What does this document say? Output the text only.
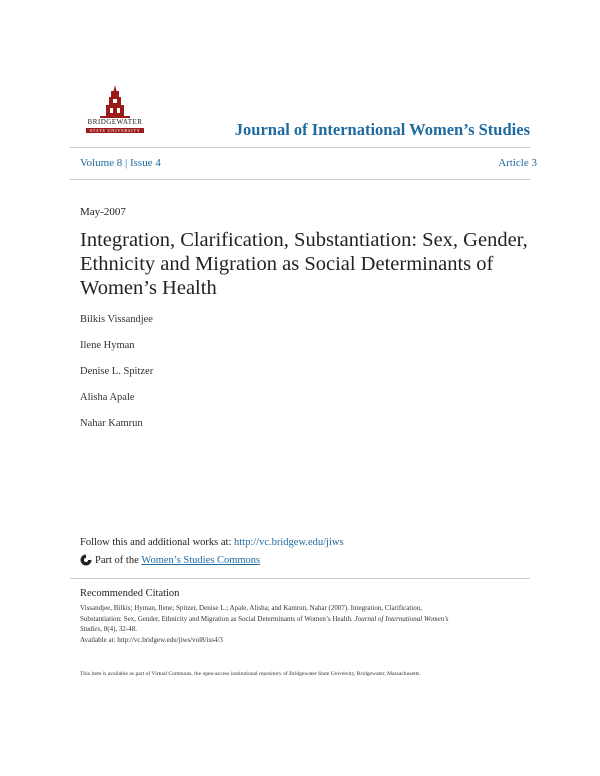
BRIDGEWATER
STATE UNIVERSITY	Journal of International Women’s Studies
Volume 8 | Issue 4	Article 3
May-2007
Integration, Clarification, Substantiation: Sex, Gender, Ethnicity and Migration as Social Determinants of Women’s Health
Bilkis Vissandjee
Ilene Hyman
Denise L. Spitzer
Alisha Apale
Nahar Kamrun
Follow this and additional works at: http://vc.bridgew.edu/jiws
Part of the
Women’s Studies Commons
Recommended Citation
Vissandjee, Bilkis; Hyman, Ilene; Spitzer, Denise L.; Apale, Alisha; and Kamrun, Nahar (2007). Integration, Clarification,
Substantiation: Sex, Gender, Ethnicity and Migration as Social Determinants of Women’s Health. Journal of International Women’s
Studies, 8(4), 32-48.
Available at: http://vc.bridgew.edu/jiws/vol8/iss4/3
This item is available as part of Virtual Commons, the open-access institutional repository of Bridgewater State University, Bridgewater, Massachusetts.
